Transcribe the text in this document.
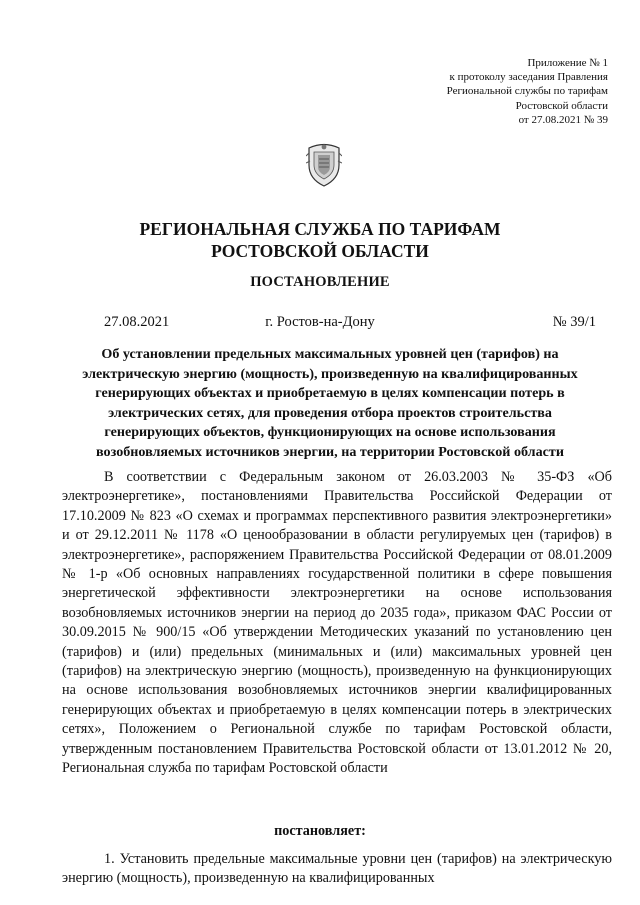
Приложение № 1
к протоколу заседания Правления
Региональной службы по тарифам
Ростовской области
от 27.08.2021 № 39
РЕГИОНАЛЬНАЯ СЛУЖБА ПО ТАРИФАМ
РОСТОВСКОЙ ОБЛАСТИ
ПОСТАНОВЛЕНИЕ
27.08.2021	г. Ростов-на-Дону	№ 39/1
Об установлении предельных максимальных уровней цен (тарифов) на электрическую энергию (мощность), произведенную на квалифицированных генерирующих объектах и приобретаемую в целях компенсации потерь в электрических сетях, для проведения отбора проектов строительства генерирующих объектов, функционирующих на основе использования возобновляемых источников энергии, на территории Ростовской области
В соответствии с Федеральным законом от 26.03.2003 № 35-ФЗ «Об электроэнергетике», постановлениями Правительства Российской Федерации от 17.10.2009 № 823 «О схемах и программах перспективного развития электроэнергетики» и от 29.12.2011 № 1178 «О ценообразовании в области регулируемых цен (тарифов) в электроэнергетике», распоряжением Правительства Российской Федерации от 08.01.2009 № 1-р «Об основных направлениях государственной политики в сфере повышения энергетической эффективности электроэнергетики на основе использования возобновляемых источников энергии на период до 2035 года», приказом ФАС России от 30.09.2015 № 900/15 «Об утверждении Методических указаний по установлению цен (тарифов) и (или) предельных (минимальных и (или) максимальных уровней цен (тарифов) на электрическую энергию (мощность), произведенную на функционирующих на основе использования возобновляемых источников энергии квалифицированных генерирующих объектах и приобретаемую в целях компенсации потерь в электрических сетях», Положением о Региональной службе по тарифам Ростовской области, утвержденным постановлением Правительства Ростовской области от 13.01.2012 № 20, Региональная служба по тарифам Ростовской области
постановляет:
1. Установить предельные максимальные уровни цен (тарифов) на электрическую энергию (мощность), произведенную на квалифицированных
